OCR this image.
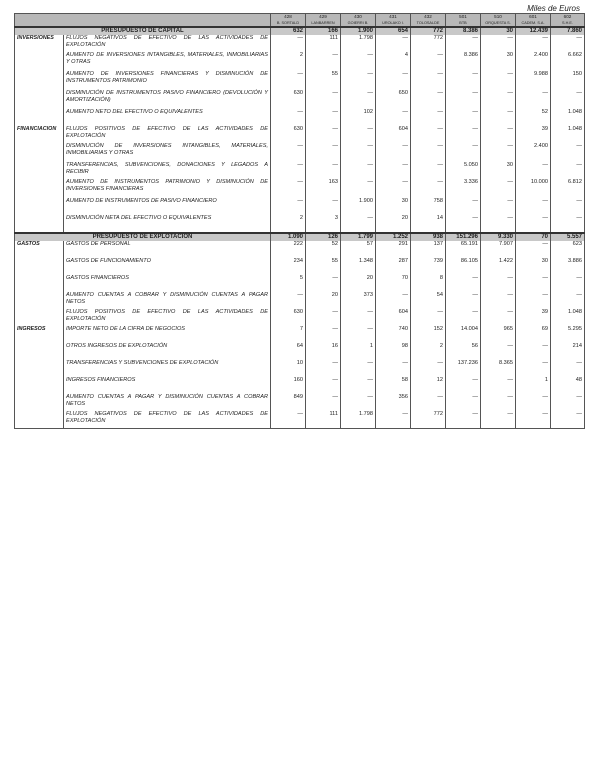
Miles de Euros
		428	429	430	431	432	501	510	601	602
		B. SORTALD	LANBARREN	GOIERRI B.	UROLAKO I.	TOLOSALDE	BTB	ORQUESTA S.	CADEM. S.A.	S.H.E.
PRESUPUESTO DE CAPITAL		632	166	1.900	654	772	8.386	30	12.439	7.860
INVERSIONES	FLUJOS NEGATIVOS DE EFECTIVO DE LAS ACTIVIDADES DE EXPLOTACIÓN	—	111	1.798	—	772	—	—	—	—
	AUMENTO DE INVERSIONES INTANGIBLES, MATERIALES, INMOBILIARIAS Y OTRAS	2	—	—	4	—	8.386	30	2.400	6.662
	AUMENTO DE INVERSIONES FINANCIERAS Y DISMINUCIÓN DE INSTRUMENTOS PATRIMONIO	—	55	—	—	—	—	—	9.988	150
	DISMINUCIÓN DE INSTRUMENTOS PASIVO FINANCIERO (DEVOLUCIÓN Y AMORTIZACIÓN)	630	—	—	650	—	—	—	—	—
	AUMENTO NETO DEL EFECTIVO O EQUIVALENTES	—	—	102	—	—	—	—	52	1.048
FINANCIACION	FLUJOS POSITIVOS DE EFECTIVO DE LAS ACTIVIDADES DE EXPLOTACIÓN	630	—	—	604	—	—	—	39	1.048
	DISMINUCIÓN DE INVERSIONES INTANGIBLES, MATERIALES, INMOBILIARIAS Y OTRAS	—	—	—	—	—	—	—	2.400	—
	TRANSFERENCIAS, SUBVENCIONES, DONACIONES Y LEGADOS A RECIBIR	—	—	—	—	—	5.050	30	—	—
	AUMENTO DE INSTRUMENTOS PATRIMONIO Y DISMINUCIÓN DE INVERSIONES FINANCIERAS	—	163	—	—	—	3.336	—	10.000	6.812
	AUMENTO DE INSTRUMENTOS DE PASIVO FINANCIERO	—	—	1.900	30	758	—	—	—	—
	DISMINUCIÓN NETA DEL EFECTIVO O EQUIVALENTES	2	3	—	20	14	—	—	—	—
PRESUPUESTO DE EXPLOTACION		1.090	126	1.799	1.252	938	151.296	9.330	70	5.557
GASTOS	GASTOS DE PERSONAL	222	52	57	291	137	65.191	7.907	—	623
	GASTOS DE FUNCIONAMIENTO	234	55	1.348	287	739	86.105	1.422	30	3.886
	GASTOS FINANCIEROS	5	—	20	70	8	—	—	—	—
	AUMENTO CUENTAS A COBRAR Y DISMINUCIÓN CUENTAS A PAGAR NETOS	—	20	373	—	54	—	—	—	—
	FLUJOS POSITIVOS DE EFECTIVO DE LAS ACTIVIDADES DE EXPLOTACIÓN	630	—	—	604	—	—	—	39	1.048
INGRESOS	IMPORTE NETO DE LA CIFRA DE NEGOCIOS	7	—	—	740	152	14.004	965	69	5.295
	OTROS INGRESOS DE EXPLOTACIÓN	64	16	1	98	2	56	—	—	214
	TRANSFERENCIAS Y SUBVENCIONES DE EXPLOTACIÓN	10	—	—	—	—	137.236	8.365	—	—
	INGRESOS FINANCIEROS	160	—	—	58	12	—	—	1	48
	AUMENTO CUENTAS A PAGAR Y DISMINUCIÓN CUENTAS A COBRAR NETOS	849	—	—	356	—	—	—	—	—
	FLUJOS NEGATIVOS DE EFECTIVO DE LAS ACTIVIDADES DE EXPLOTACIÓN	—	111	1.798	—	772	—	—	—	—
